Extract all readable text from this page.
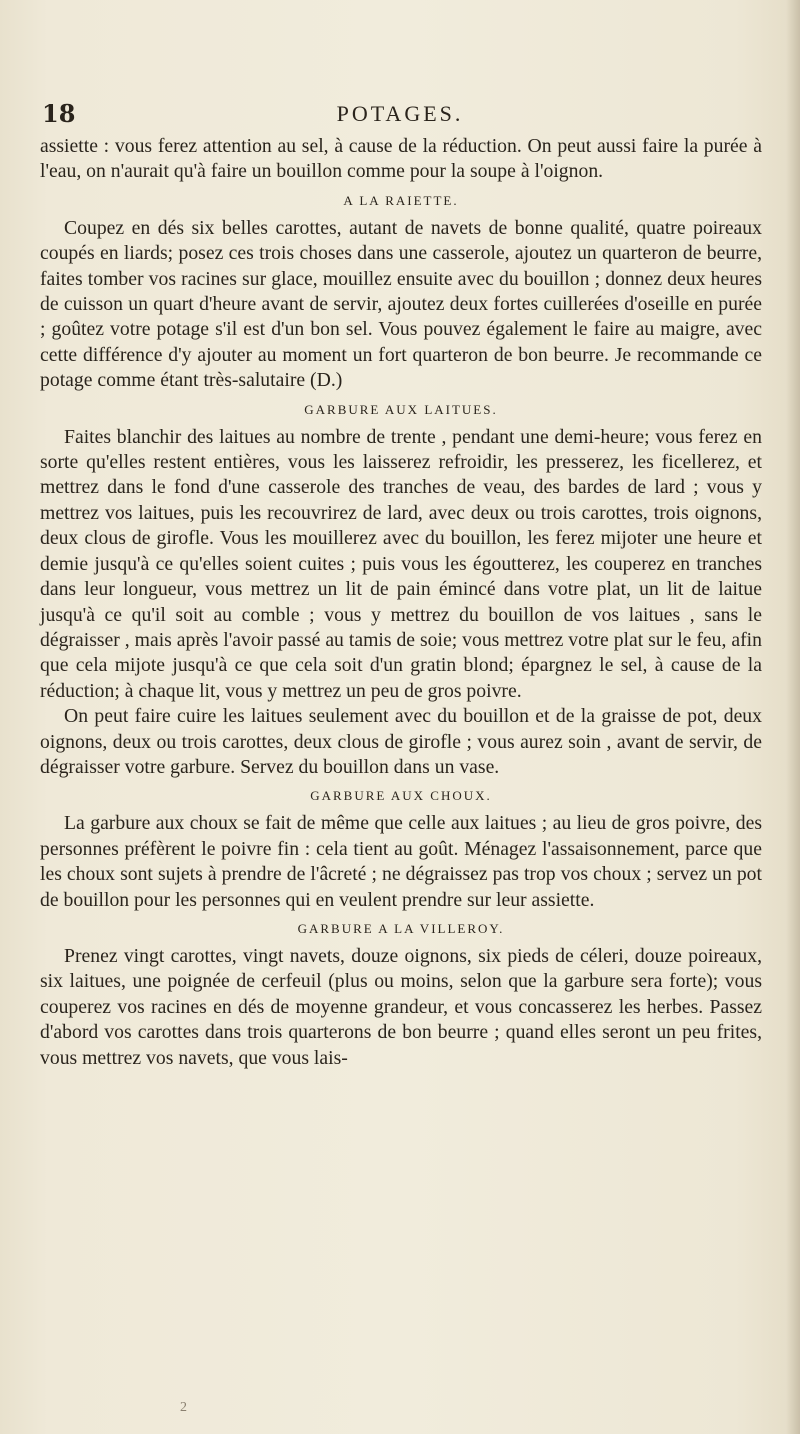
18	POTAGES.

assiette : vous ferez attention au sel, à cause de la réduction. On peut aussi faire la purée à l'eau, on n'aurait qu'à faire un bouillon comme pour la soupe à l'oignon.

A LA RAIETTE.

Coupez en dés six belles carottes, autant de navets de bonne qualité, quatre poireaux coupés en liards; posez ces trois choses dans une casserole, ajoutez un quarteron de beurre, faites tomber vos racines sur glace, mouillez ensuite avec du bouillon ; donnez deux heures de cuisson un quart d'heure avant de servir, ajoutez deux fortes cuillerées d'oseille en purée ; goûtez votre potage s'il est d'un bon sel. Vous pouvez également le faire au maigre, avec cette différence d'y ajouter au moment un fort quarteron de bon beurre. Je recommande ce potage comme étant très-salutaire (D.)

GARBURE AUX LAITUES.

Faites blanchir des laitues au nombre de trente , pendant une demi-heure; vous ferez en sorte qu'elles restent entières, vous les laisserez refroidir, les presserez, les ficellerez, et mettrez dans le fond d'une casserole des tranches de veau, des bardes de lard ; vous y mettrez vos laitues, puis les recouvrirez de lard, avec deux ou trois carottes, trois oignons, deux clous de girofle. Vous les mouillerez avec du bouillon, les ferez mijoter une heure et demie jusqu'à ce qu'elles soient cuites ; puis vous les égoutterez, les couperez en tranches dans leur longueur, vous mettrez un lit de pain émincé dans votre plat, un lit de laitue jusqu'à ce qu'il soit au comble ; vous y mettrez du bouillon de vos laitues , sans le dégraisser , mais après l'avoir passé au tamis de soie; vous mettrez votre plat sur le feu, afin que cela mijote jusqu'à ce que cela soit d'un gratin blond; épargnez le sel, à cause de la réduction; à chaque lit, vous y mettrez un peu de gros poivre.

On peut faire cuire les laitues seulement avec du bouillon et de la graisse de pot, deux oignons, deux ou trois carottes, deux clous de girofle ; vous aurez soin , avant de servir, de dégraisser votre garbure. Servez du bouillon dans un vase.

GARBURE AUX CHOUX.

La garbure aux choux se fait de même que celle aux laitues ; au lieu de gros poivre, des personnes préfèrent le poivre fin : cela tient au goût. Ménagez l'assaisonnement, parce que les choux sont sujets à prendre de l'âcreté ; ne dégraissez pas trop vos choux ; servez un pot de bouillon pour les personnes qui en veulent prendre sur leur assiette.

GARBURE A LA VILLEROY.

Prenez vingt carottes, vingt navets, douze oignons, six pieds de céleri, douze poireaux, six laitues, une poignée de cerfeuil (plus ou moins, selon que la garbure sera forte); vous couperez vos racines en dés de moyenne grandeur, et vous concasserez les herbes. Passez d'abord vos carottes dans trois quarterons de bon beurre ; quand elles seront un peu frites, vous mettrez vos navets, que vous lais-

2
